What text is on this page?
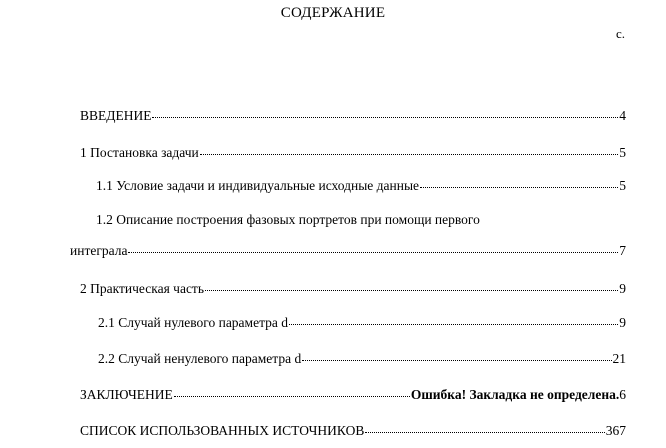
СОДЕРЖАНИЕ
с.
ВВЕДЕНИЕ	4
1 Постановка задачи	5
1.1 Условие задачи и индивидуальные исходные данные	5
1.2 Описание построения фазовых портретов при помощи первого
интеграла	7
2 Практическая часть	9
2.1 Случай нулевого параметра d	9
2.2 Случай ненулевого параметра d	21
ЗАКЛЮЧЕНИЕ	Ошибка! Закладка не определена. 6
СПИСОК ИСПОЛЬЗОВАННЫХ ИСТОЧНИКОВ	367
